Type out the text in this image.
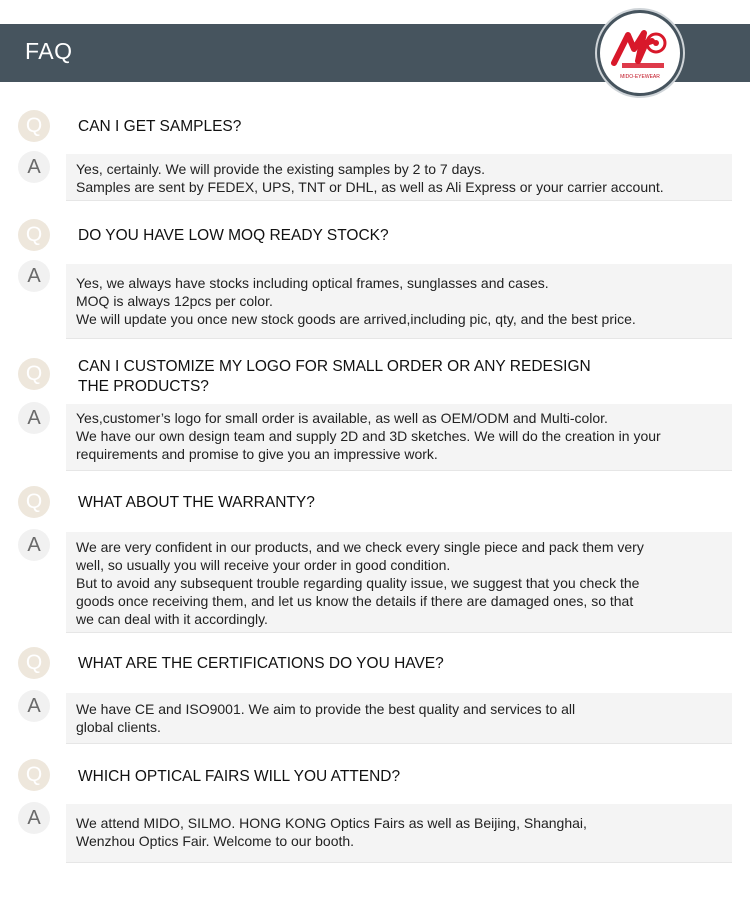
FAQ
MIDO-EYEWEAR
Q	CAN I GET SAMPLES?
A	Yes, certainly. We will provide the existing samples by 2 to 7 days.
Samples are sent by FEDEX, UPS, TNT or DHL, as well as Ali Express or your carrier account.
Q	DO YOU HAVE LOW MOQ READY STOCK?
A	Yes, we always have stocks including optical frames, sunglasses and cases.
MOQ is always 12pcs per color.
We will update you once new stock goods are arrived,including pic, qty, and the best price.
Q	CAN I CUSTOMIZE MY LOGO FOR SMALL ORDER OR ANY REDESIGN
THE PRODUCTS?
A	Yes,customer’s logo for small order is available, as well as OEM/ODM and Multi-color.
We have our own design team and supply 2D and 3D sketches. We will do the creation in your
requirements and promise to give you an impressive work.
Q	WHAT ABOUT THE WARRANTY?
A	We are very confident in our products, and we check every single piece and pack them very
well, so usually you will receive your order in good condition.
But to avoid any subsequent trouble regarding quality issue, we suggest that you check the
goods once receiving them, and let us know the details if there are damaged ones, so that
we can deal with it accordingly.
Q	WHAT ARE THE CERTIFICATIONS DO YOU HAVE?
A	We have CE and ISO9001. We aim to provide the best quality and services to all
global clients.
Q	WHICH OPTICAL FAIRS WILL YOU ATTEND?
A	We attend MIDO, SILMO. HONG KONG Optics Fairs as well as Beijing, Shanghai,
Wenzhou Optics Fair. Welcome to our booth.
